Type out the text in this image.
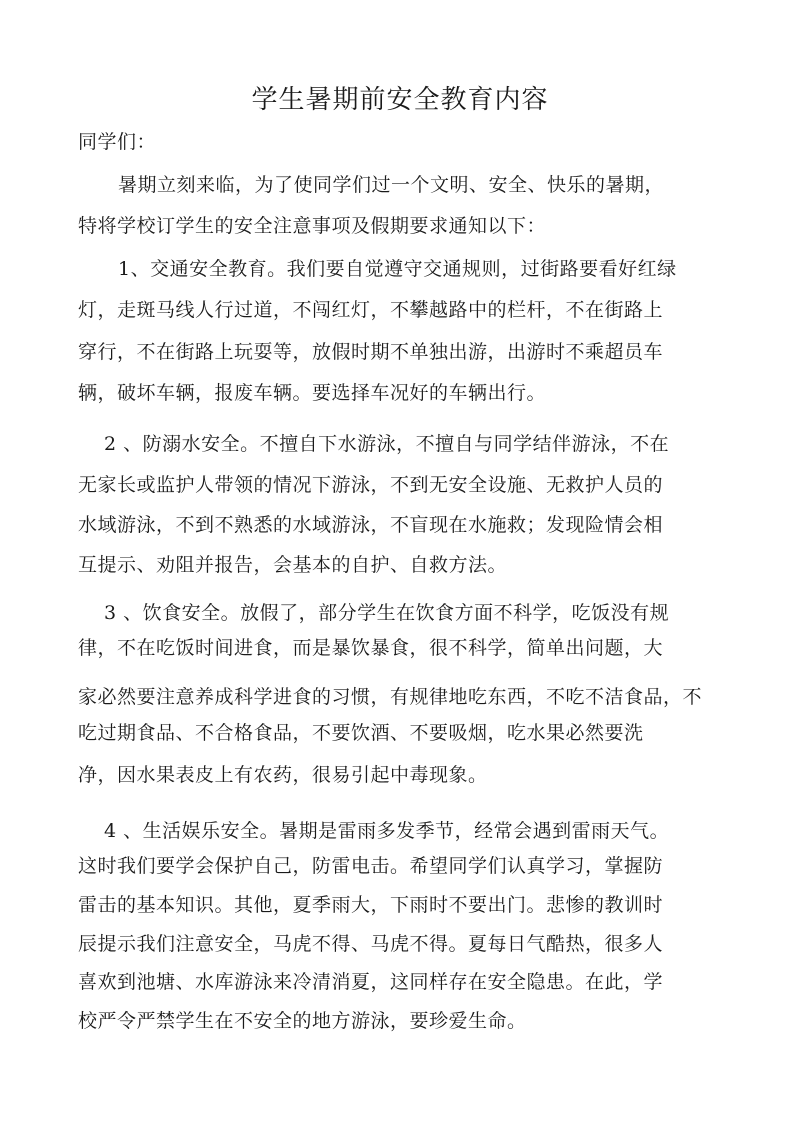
学生暑期前安全教育内容
同学们：
暑期立刻来临，为了使同学们过一个文明、安全、快乐的暑期，
特将学校订学生的安全注意事项及假期要求通知以下：
1、交通安全教育。我们要自觉遵守交通规则，过街路要看好红绿
灯，走斑马线人行过道，不闯红灯，不攀越路中的栏杆，不在街路上
穿行，不在街路上玩耍等，放假时期不单独出游，出游时不乘超员车
辆，破坏车辆，报废车辆。要选择车况好的车辆出行。
2 、防溺水安全。不擅自下水游泳，不擅自与同学结伴游泳，不在
无家长或监护人带领的情况下游泳，不到无安全设施、无救护人员的
水域游泳，不到不熟悉的水域游泳，不盲现在水施救；发现险情会相
互提示、劝阻并报告，会基本的自护、自救方法。
3 、饮食安全。放假了，部分学生在饮食方面不科学，吃饭没有规
律，不在吃饭时间进食，而是暴饮暴食，很不科学，简单出问题，大
家必然要注意养成科学进食的习惯，有规律地吃东西，不吃不洁食品，不
吃过期食品、不合格食品，不要饮酒、不要吸烟，吃水果必然要洗
净，因水果表皮上有农药，很易引起中毒现象。
4 、生活娱乐安全。暑期是雷雨多发季节，经常会遇到雷雨天气。
这时我们要学会保护自己，防雷电击。希望同学们认真学习，掌握防
雷击的基本知识。其他，夏季雨大，下雨时不要出门。悲惨的教训时
辰提示我们注意安全，马虎不得、马虎不得。夏每日气酷热，很多人
喜欢到池塘、水库游泳来冷清消夏，这同样存在安全隐患。在此，学
校严令严禁学生在不安全的地方游泳，要珍爱生命。
